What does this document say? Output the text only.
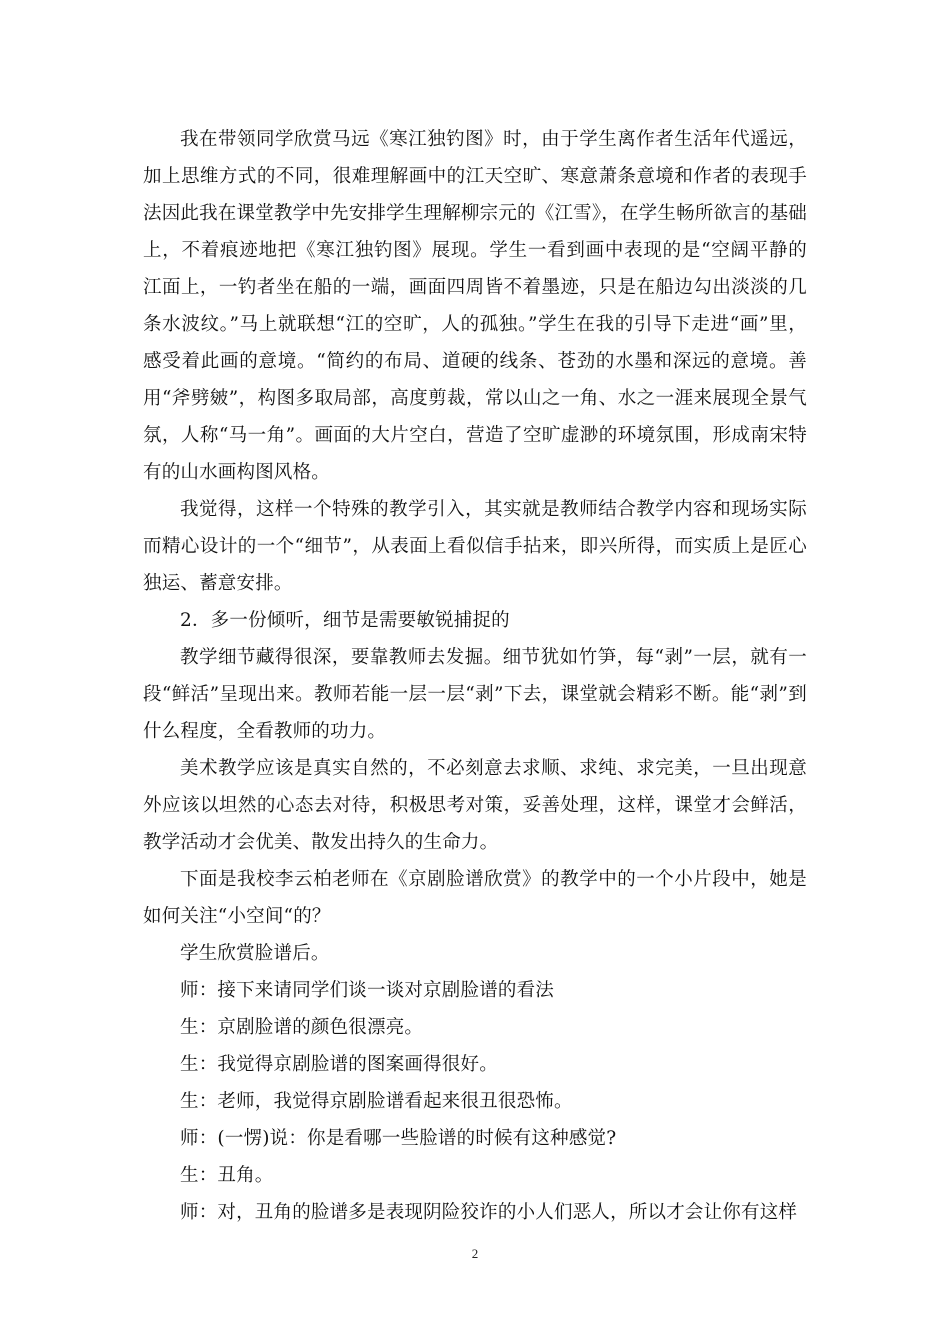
我在带领同学欣赏马远《寒江独钓图》时，由于学生离作者生活年代遥远，加上思维方式的不同，很难理解画中的江天空旷、寒意萧条意境和作者的表现手法因此我在课堂教学中先安排学生理解柳宗元的《江雪》，在学生畅所欲言的基础上，不着痕迹地把《寒江独钓图》展现。学生一看到画中表现的是“空阔平静的江面上，一钓者坐在船的一端，画面四周皆不着墨迹，只是在船边勾出淡淡的几条水波纹。”马上就联想“江的空旷，人的孤独。”学生在我的引导下走进“画”里，感受着此画的意境。“简约的布局、道硬的线条、苍劲的水墨和深远的意境。善用“斧劈皴”，构图多取局部，高度剪裁，常以山之一角、水之一涯来展现全景气氛，人称“马一角”。画面的大片空白，营造了空旷虚渺的环境氛围，形成南宋特有的山水画构图风格。

我觉得，这样一个特殊的教学引入，其实就是教师结合教学内容和现场实际而精心设计的一个“细节”，从表面上看似信手拈来，即兴所得，而实质上是匠心独运、蓄意安排。

2．多一份倾听，细节是需要敏锐捕捉的

教学细节藏得很深，要靠教师去发掘。细节犹如竹笋，每“剥”一层，就有一段“鲜活”呈现出来。教师若能一层一层“剥”下去，课堂就会精彩不断。能“剥”到什么程度，全看教师的功力。

美术教学应该是真实自然的，不必刻意去求顺、求纯、求完美，一旦出现意外应该以坦然的心态去对待，积极思考对策，妥善处理，这样，课堂才会鲜活，教学活动才会优美、散发出持久的生命力。

下面是我校李云柏老师在《京剧脸谱欣赏》的教学中的一个小片段中，她是如何关注“小空间“的？

学生欣赏脸谱后。

师：接下来请同学们谈一谈对京剧脸谱的看法

生：京剧脸谱的颜色很漂亮。

生：我觉得京剧脸谱的图案画得很好。

生：老师，我觉得京剧脸谱看起来很丑很恐怖。

师：(一愣)说：你是看哪一些脸谱的时候有这种感觉?

生：丑角。

师：对，丑角的脸谱多是表现阴险狡诈的小人们恶人，所以才会让你有这样

2
